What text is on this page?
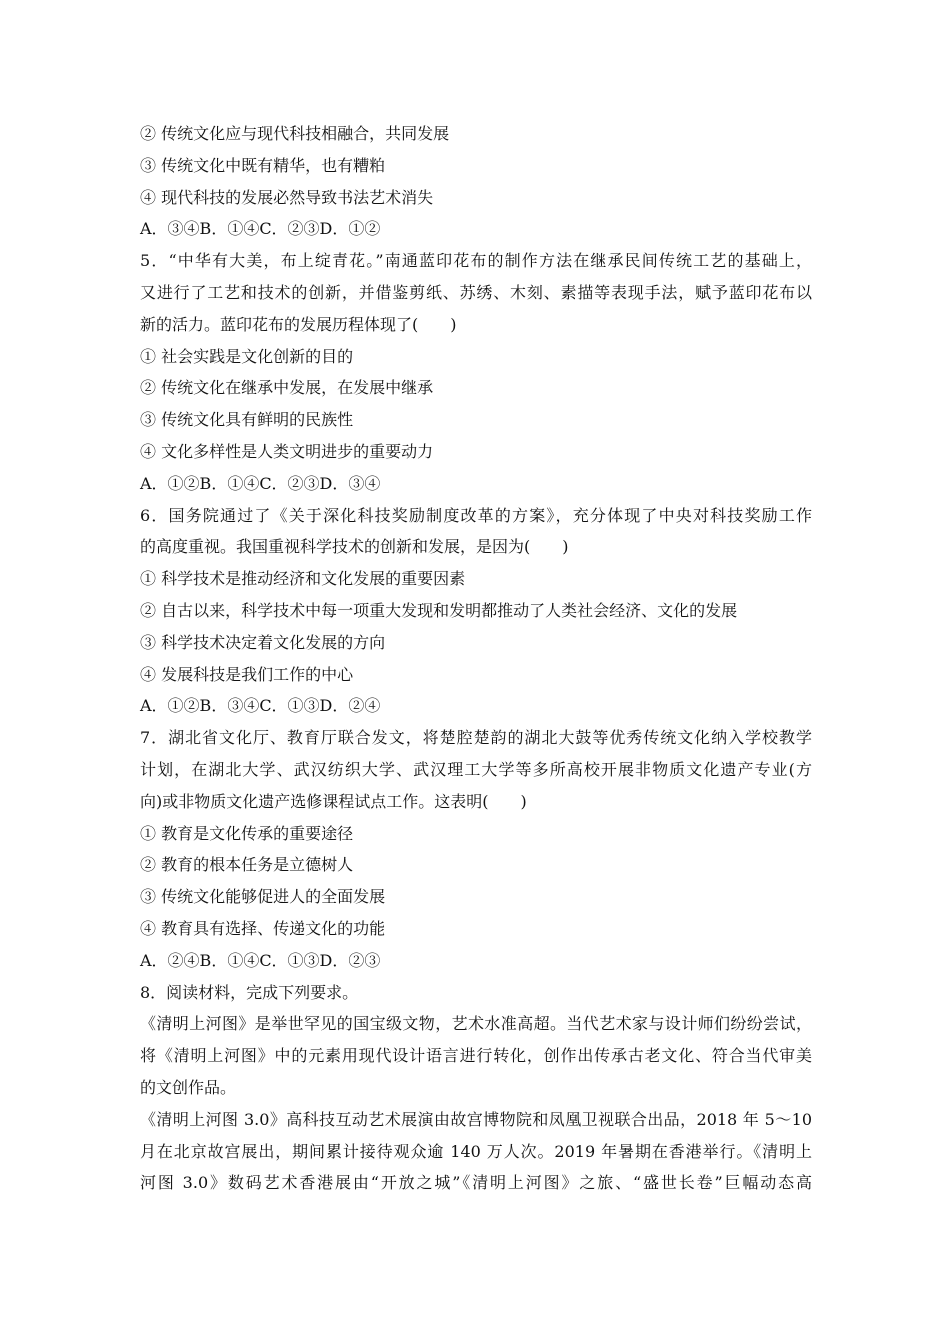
② 传统文化应与现代科技相融合，共同发展
③ 传统文化中既有精华，也有糟粕
④ 现代科技的发展必然导致书法艺术消失
A．③④B．①④C．②③D．①②
5．“中华有大美，布上绽青花。”南通蓝印花布的制作方法在继承民间传统工艺的基础上，
又进行了工艺和技术的创新，并借鉴剪纸、苏绣、木刻、素描等表现手法，赋予蓝印花布以
新的活力。蓝印花布的发展历程体现了(　　)
① 社会实践是文化创新的目的
② 传统文化在继承中发展，在发展中继承
③ 传统文化具有鲜明的民族性
④ 文化多样性是人类文明进步的重要动力
A．①②B．①④C．②③D．③④
6．国务院通过了《关于深化科技奖励制度改革的方案》，充分体现了中央对科技奖励工作
的高度重视。我国重视科学技术的创新和发展，是因为(　　)
① 科学技术是推动经济和文化发展的重要因素
② 自古以来，科学技术中每一项重大发现和发明都推动了人类社会经济、文化的发展
③ 科学技术决定着文化发展的方向
④ 发展科技是我们工作的中心
A．①②B．③④C．①③D．②④
7．湖北省文化厅、教育厅联合发文，将楚腔楚韵的湖北大鼓等优秀传统文化纳入学校教学
计划，在湖北大学、武汉纺织大学、武汉理工大学等多所高校开展非物质文化遗产专业(方
向)或非物质文化遗产选修课程试点工作。这表明(　　)
① 教育是文化传承的重要途径
② 教育的根本任务是立德树人
③ 传统文化能够促进人的全面发展
④ 教育具有选择、传递文化的功能
A．②④B．①④C．①③D．②③
8．阅读材料，完成下列要求。
《清明上河图》是举世罕见的国宝级文物，艺术水准高超。当代艺术家与设计师们纷纷尝试，
将《清明上河图》中的元素用现代设计语言进行转化，创作出传承古老文化、符合当代审美
的文创作品。
《清明上河图 3.0》高科技互动艺术展演由故宫博物院和凤凰卫视联合出品，2018 年 5～10
月在北京故宫展出，期间累计接待观众逾 140 万人次。2019 年暑期在香港举行。《清明上
河图 3.0》数码艺术香港展由“开放之城”《清明上河图》之旅、“盛世长卷”巨幅动态高
